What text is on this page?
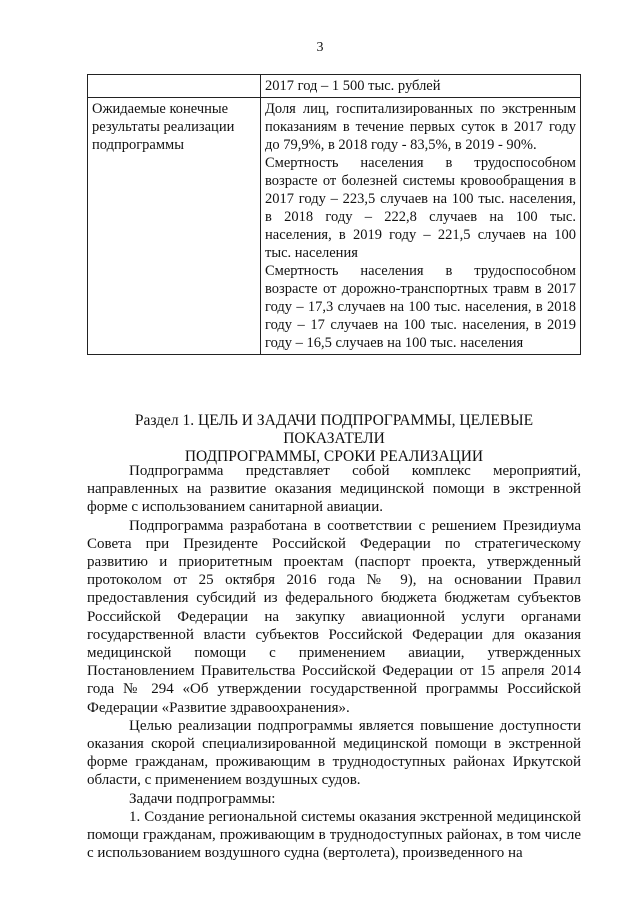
3
	2017 год – 1 500 тыс. рублей
Ожидаемые конечные результаты реализации подпрограммы	Доля лиц, госпитализированных по экстренным показаниям в течение первых суток в 2017 году до 79,9%, в 2018 году - 83,5%, в 2019 - 90%.

Смертность населения в трудоспособном возрасте от болезней системы кровообращения в 2017 году – 223,5 случаев на 100 тыс. населения, в 2018 году – 222,8 случаев на 100 тыс. населения, в 2019 году – 221,5 случаев на 100 тыс. населения

Смертность населения в трудоспособном возрасте от дорожно-транспортных травм в 2017 году – 17,3 случаев на 100 тыс. населения, в 2018 году – 17 случаев на 100 тыс. населения, в 2019 году – 16,5 случаев на 100 тыс. населения

Раздел 1. ЦЕЛЬ И ЗАДАЧИ ПОДПРОГРАММЫ, ЦЕЛЕВЫЕ ПОКАЗАТЕЛИ
ПОДПРОГРАММЫ, СРОКИ РЕАЛИЗАЦИИ

Подпрограмма представляет собой комплекс мероприятий, направленных на развитие оказания медицинской помощи в экстренной форме с использованием санитарной авиации.

Подпрограмма разработана в соответствии с решением Президиума Совета при Президенте Российской Федерации по стратегическому развитию и приоритетным проектам (паспорт проекта, утвержденный протоколом от 25 октября 2016 года № 9), на основании Правил предоставления субсидий из федерального бюджета бюджетам субъектов Российской Федерации на закупку авиационной услуги органами государственной власти субъектов Российской Федерации для оказания медицинской помощи с применением авиации, утвержденных Постановлением Правительства Российской Федерации от 15 апреля 2014 года № 294 «Об утверждении государственной программы Российской Федерации «Развитие здравоохранения».

Целью реализации подпрограммы является повышение доступности оказания скорой специализированной медицинской помощи в экстренной форме гражданам, проживающим в труднодоступных районах Иркутской области, с применением воздушных судов.

Задачи подпрограммы:

1. Создание региональной системы оказания экстренной медицинской помощи гражданам, проживающим в труднодоступных районах, в том числе с использованием воздушного судна (вертолета), произведенного на
